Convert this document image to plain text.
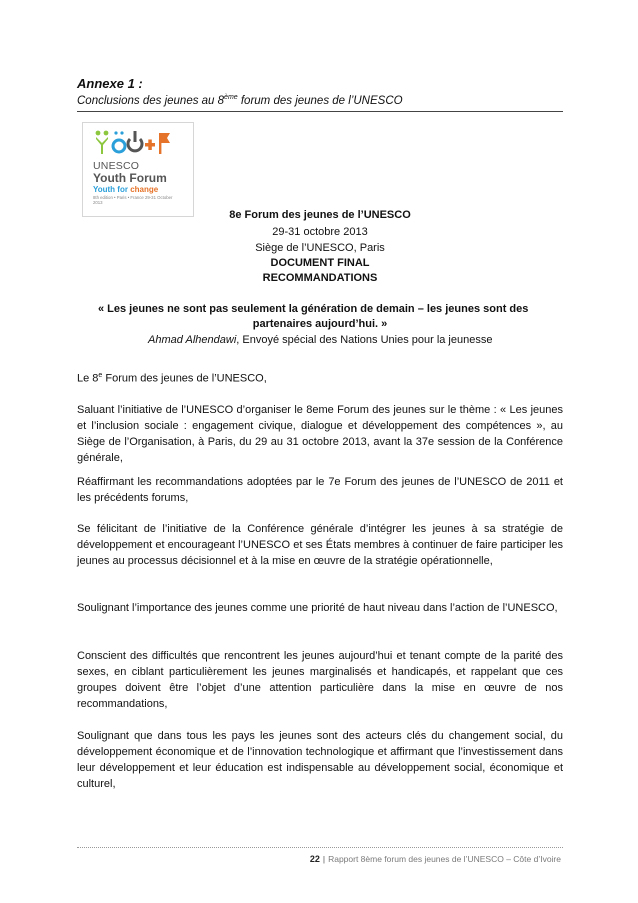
Annexe 1 :
Conclusions des jeunes au 8ème forum des jeunes de l’UNESCO
UNESCO
Youth Forum
Youth for change
8th edition • Paris • France 29-31 October 2013
8e Forum des jeunes de l’UNESCO
29-31 octobre 2013
Siège de l’UNESCO, Paris
DOCUMENT FINAL
RECOMMANDATIONS
« Les jeunes ne sont pas seulement la génération de demain – les jeunes sont des
partenaires aujourd’hui. »
Ahmad Alhendawi, Envoyé spécial des Nations Unies pour la jeunesse
Le 8e Forum des jeunes de l’UNESCO,
Saluant l’initiative de l’UNESCO d’organiser le 8eme Forum des jeunes sur le thème : « Les jeunes et l’inclusion sociale : engagement civique, dialogue et développement des compétences », au Siège de l’Organisation, à Paris, du 29 au 31 octobre 2013, avant la 37e session de la Conférence générale,
Réaffirmant les recommandations adoptées par le 7e Forum des jeunes de l’UNESCO de 2011 et les précédents forums,
Se félicitant de l’initiative de la Conférence générale d’intégrer les jeunes à sa stratégie de développement et encourageant l’UNESCO et ses États membres à continuer de faire participer les jeunes au processus décisionnel et à la mise en œuvre de la stratégie opérationnelle,
Soulignant l’importance des jeunes comme une priorité de haut niveau dans l’action de l’UNESCO,
Conscient des difficultés que rencontrent les jeunes aujourd’hui et tenant compte de la parité des sexes, en ciblant particulièrement les jeunes marginalisés et handicapés, et rappelant que ces groupes doivent être l’objet d’une attention particulière dans la mise en œuvre de nos recommandations,
Soulignant que dans tous les pays les jeunes sont des acteurs clés du changement social, du développement économique et de l’innovation technologique et affirmant que l’investissement dans leur développement et leur éducation est indispensable au développement social, économique et culturel,
22 | Rapport 8ème forum des jeunes de l’UNESCO – Côte d’Ivoire
